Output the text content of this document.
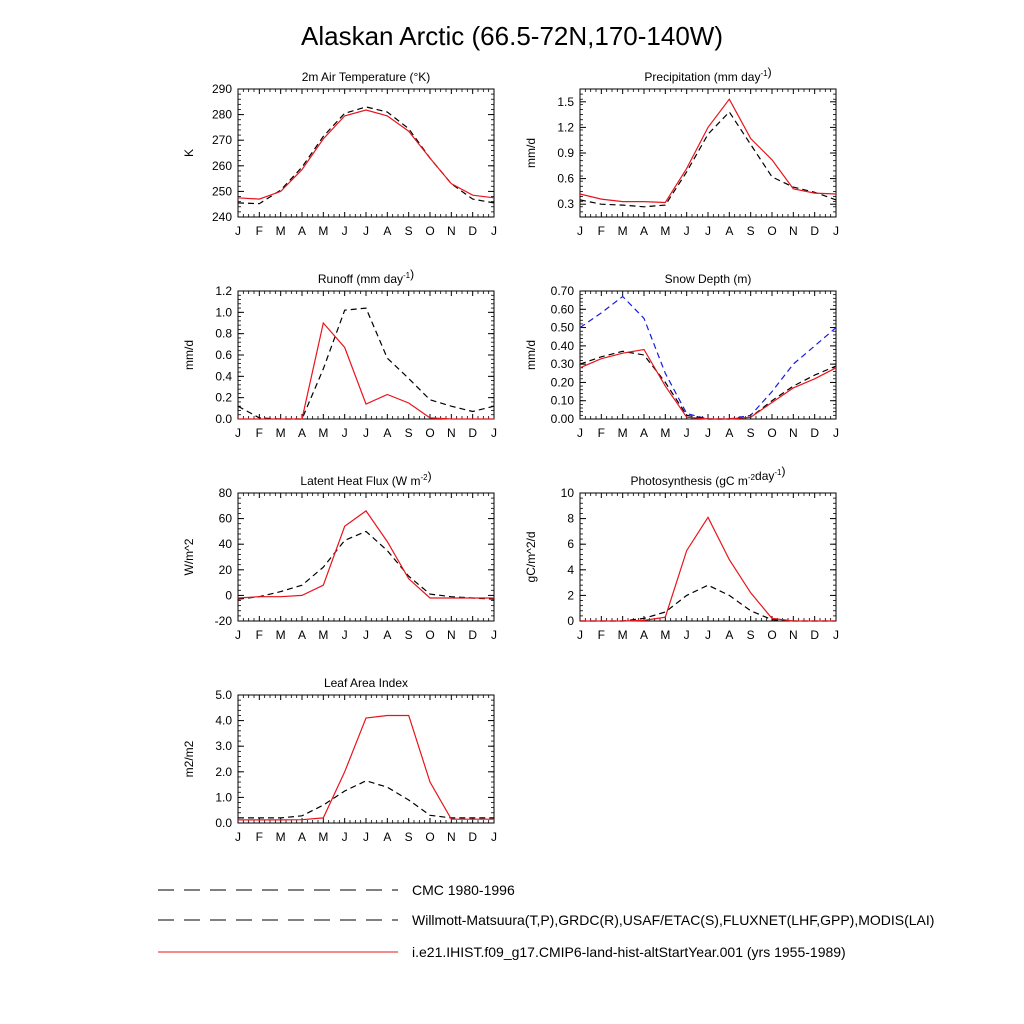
Alaskan Arctic (66.5-72N,170-140W)
2m Air Temperature (°K)
K
J F M A M J J A S O N D J
240
250
260
270
280
290
Precipitation (mm day$^{-1}$)
mm/d
J F M A M J J A S O N D J
0.3
0.6
0.9
1.2
1.5
Runoff (mm day$^{-1}$)
mm/d
J F M A M J J A S O N D J
0.0
0.2
0.4
0.6
0.8
1.0
1.2
Snow Depth (m)
mm/d
J F M A M J J A S O N D J
0.00
0.10
0.20
0.30
0.40
0.50
0.60
0.70
Latent Heat Flux (W $m^{-2}$)
W/m^2
J F M A M J J A S O N D J
-20
0
20
40
60
80
Photosynthesis (gC $m^{-2}day^{-1}$)
gC/m^2/d
J F M A M J J A S O N D J
0
2
4
6
8
10
Leaf Area Index
m2/m2
J F M A M J J A S O N D J
0.0
1.0
2.0
3.0
4.0
5.0
CMC 1980-1996
Willmott-Matsuura(T,P),GRDC(R),USAF/ETAC(S),FLUXNET(LHF,GPP),MODIS(LAI)
i.e21.IHIST.f09_g17.CMIP6-land-hist-altStartYear.001 (yrs 1955-1989)
